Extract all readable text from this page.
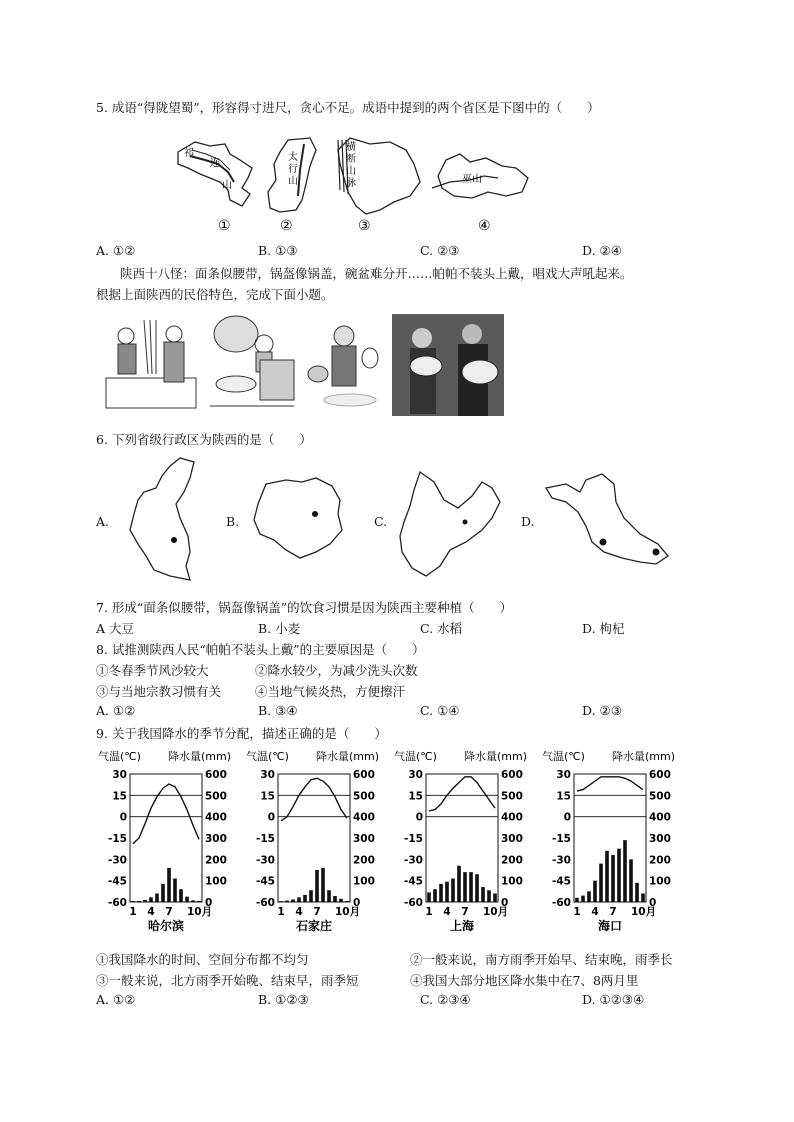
5. 成语“得陇望蜀”，形容得寸进尺，贪心不足。成语中提到的两个省区是下图中的（　　）
祁
连
山
①
太
行
山
②
横
断
山
脉
③
巫山
④
A. ①②	B. ①③	C. ②③	D. ②④
陕西十八怪：面条似腰带，锅盔像锅盖，碗盆难分开……帕帕不装头上戴，唱戏大声吼起来。
根据上面陕西的民俗特色，完成下面小题。
6. 下列省级行政区为陕西的是（　　）
A.	B.	C.	D.
7. 形成“面条似腰带，锅盔像锅盖”的饮食习惯是因为陕西主要种植（　　）
A 大豆	B. 小麦	C. 水稻	D. 枸杞
8. 试推测陕西人民“帕帕不装头上戴”的主要原因是（　　）
①冬春季节风沙较大	②降水较少，为减少洗头次数
③与当地宗教习惯有关	④当地气候炎热，方便擦汗
A. ①②	B. ③④	C. ①④	D. ②③
9. 关于我国降水的季节分配，描述正确的是（　　）
气温(℃) 降水量(mm)
30	600
15	500
0	400
-15	300
-30	200
-45	100
-60	0
1 4 7 10月
哈尔滨
气温(℃) 降水量(mm)
30	600
15	500
0	400
-15	300
-30	200
-45	100
-60	0
1 4 7 10月
石家庄
气温(℃) 降水量(mm)
30	600
15	500
0	400
-15	300
-30	200
-45	100
-60	0
1 4 7 10月
上海
气温(℃) 降水量(mm)
30	600
15	500
0	400
-15	300
-30	200
-45	100
-60	0
1 4 7 10月
海口
①我国降水的时间、空间分布都不均匀	②一般来说，南方雨季开始早、结束晚，雨季长
③一般来说，北方雨季开始晚、结束早，雨季短	④我国大部分地区降水集中在7、8两月里
A. ①②	B. ①②③	C. ②③④	D. ①②③④
